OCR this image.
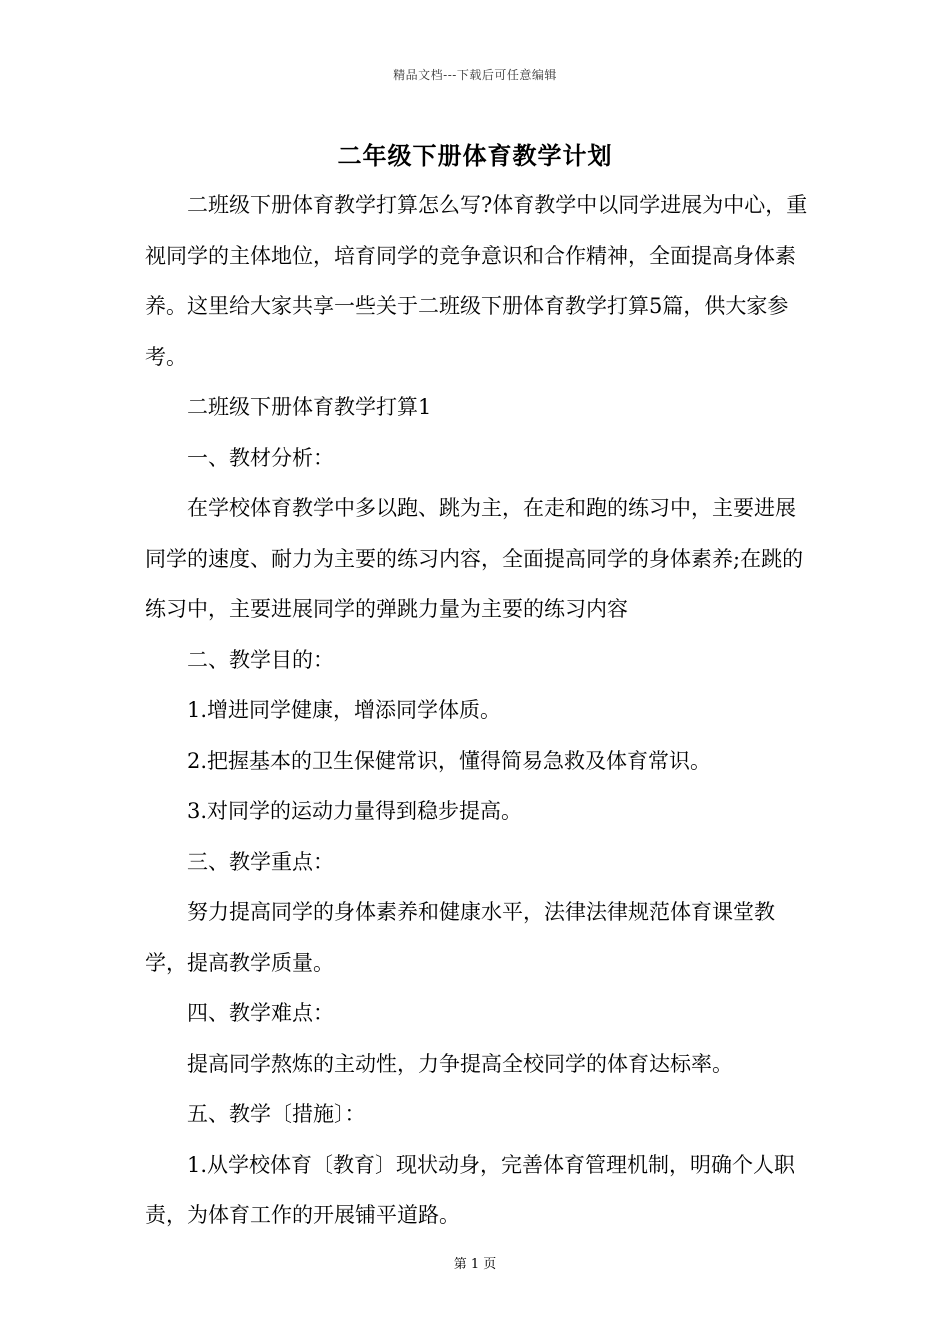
精品文档---下载后可任意编辑
二年级下册体育教学计划

二班级下册体育教学打算怎么写?体育教学中以同学进展为中心，重视同学的主体地位，培育同学的竞争意识和合作精神，全面提高身体素养。这里给大家共享一些关于二班级下册体育教学打算5篇，供大家参考。

二班级下册体育教学打算1

一、教材分析：

在学校体育教学中多以跑、跳为主，在走和跑的练习中，主要进展同学的速度、耐力为主要的练习内容，全面提高同学的身体素养;在跳的练习中，主要进展同学的弹跳力量为主要的练习内容

二、教学目的：

1.增进同学健康，增添同学体质。

2.把握基本的卫生保健常识，懂得简易急救及体育常识。

3.对同学的运动力量得到稳步提高。

三、教学重点：

努力提高同学的身体素养和健康水平，法律法律规范体育课堂教学，提高教学质量。

四、教学难点：

提高同学熬炼的主动性，力争提高全校同学的体育达标率。

五、教学〔措施〕：

1.从学校体育〔教育〕现状动身，完善体育管理机制，明确个人职责，为体育工作的开展铺平道路。

第 1 页
